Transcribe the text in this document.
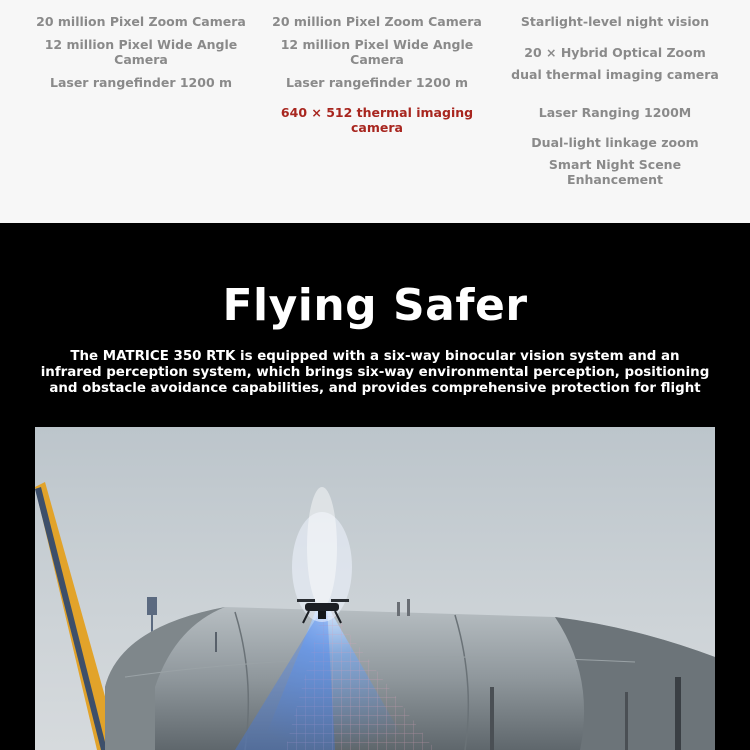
20 million Pixel Zoom Camera
12 million Pixel Wide Angle Camera
Laser rangefinder 1200 m
20 million Pixel Zoom Camera
12 million Pixel Wide Angle Camera
Laser rangefinder 1200 m
640 × 512 thermal imaging camera
Starlight-level night vision
20 × Hybrid Optical Zoom
dual thermal imaging camera
Laser Ranging 1200M
Dual-light linkage zoom
Smart Night Scene Enhancement
Flying Safer

The MATRICE 350 RTK is equipped with a six-way binocular vision system and an infrared perception system, which brings six-way environmental perception, positioning and obstacle avoidance capabilities, and provides comprehensive protection for flight
